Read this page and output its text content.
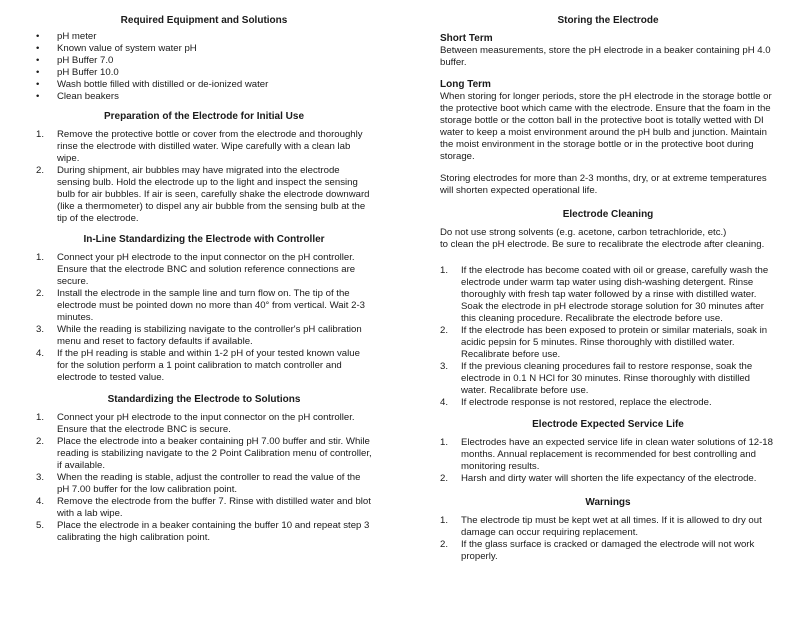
Required Equipment and Solutions
• pH meter
• Known value of system water pH
• pH Buffer 7.0
• pH Buffer 10.0
• Wash bottle filled with distilled or de-ionized water
• Clean beakers
Preparation of the Electrode for Initial Use
1. Remove the protective bottle or cover from the electrode and thoroughly rinse the electrode with distilled water. Wipe carefully with a clean lab wipe.
2. During shipment, air bubbles may have migrated into the electrode sensing bulb. Hold the electrode up to the light and inspect the sensing bulb for air bubbles. If air is seen, carefully shake the electrode downward (like a thermometer) to dispel any air bubble from the sensing bulb at the tip of the electrode.
In-Line Standardizing the Electrode with Controller
1. Connect your pH electrode to the input connector on the pH controller. Ensure that the electrode BNC and solution reference connections are secure.
2. Install the electrode in the sample line and turn flow on. The tip of the electrode must be pointed down no more than 40° from vertical. Wait 2-3 minutes.
3. While the reading is stabilizing navigate to the controller's pH calibration menu and reset to factory defaults if available.
4. If the pH reading is stable and within 1-2 pH of your tested known value for the solution perform a 1 point calibration to match controller and electrode to tested value.
Standardizing the Electrode to Solutions
1. Connect your pH electrode to the input connector on the pH controller. Ensure that the electrode BNC is secure.
2. Place the electrode into a beaker containing pH 7.00 buffer and stir. While reading is stabilizing navigate to the 2 Point Calibration menu of controller, if available.
3. When the reading is stable, adjust the controller to read the value of the pH 7.00 buffer for the low calibration point.
4. Remove the electrode from the buffer 7. Rinse with distilled water and blot with a lab wipe.
5. Place the electrode in a beaker containing the buffer 10 and repeat step 3 calibrating the high calibration point.
Storing the Electrode
Short Term

Between measurements, store the pH electrode in a beaker containing pH 4.0 buffer.

Long Term

When storing for longer periods, store the pH electrode in the storage bottle or the protective boot which came with the electrode. Ensure that the foam in the storage bottle or the cotton ball in the protective boot is totally wetted with DI water to keep a moist environment around the pH bulb and junction. Maintain the moist environment in the storage bottle or in the protective boot during storage.

Storing electrodes for more than 2-3 months, dry, or at extreme temperatures will shorten expected operational life.

Electrode Cleaning

Do not use strong solvents (e.g. acetone, carbon tetrachloride, etc.)

to clean the pH electrode. Be sure to recalibrate the electrode after cleaning.

1. If the electrode has become coated with oil or grease, carefully wash the electrode under warm tap water using dish-washing detergent. Rinse thoroughly with fresh tap water followed by a rinse with distilled water. Soak the electrode in pH electrode storage solution for 30 minutes after this cleaning procedure. Recalibrate the electrode before use.
2. If the electrode has been exposed to protein or similar materials, soak in acidic pepsin for 5 minutes. Rinse thoroughly with distilled water. Recalibrate before use.
3. If the previous cleaning procedures fail to restore response, soak the electrode in 0.1 N HCl for 30 minutes. Rinse thoroughly with distilled water. Recalibrate before use.
4. If electrode response is not restored, replace the electrode.
Electrode Expected Service Life
1. Electrodes have an expected service life in clean water solutions of 12-18 months. Annual replacement is recommended for best controlling and monitoring results.
2. Harsh and dirty water will shorten the life expectancy of the electrode.
Warnings
1. The electrode tip must be kept wet at all times. If it is allowed to dry out damage can occur requiring replacement.
2. If the glass surface is cracked or damaged the electrode will not work properly.
